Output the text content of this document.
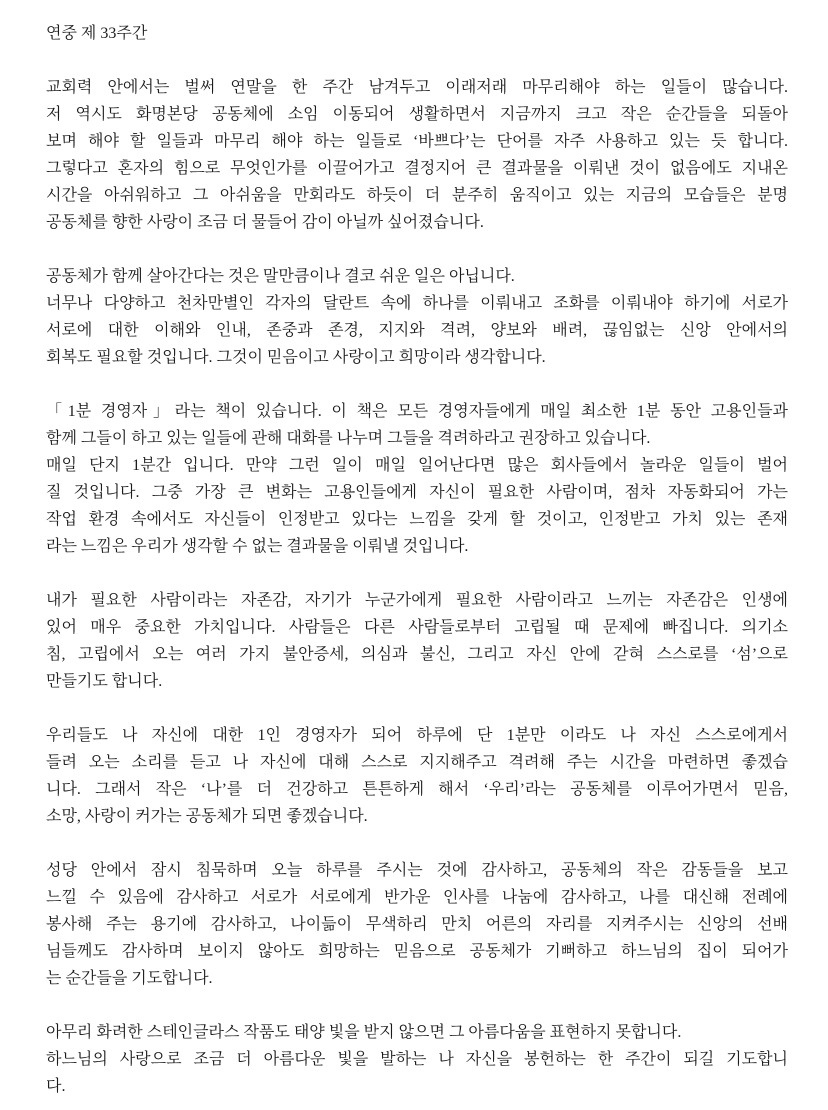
연중 제 33주간
교회력 안에서는 벌써 연말을 한 주간 남겨두고 이래저래 마무리해야 하는 일들이 많습니다.
저 역시도 화명본당 공동체에 소임 이동되어 생활하면서 지금까지 크고 작은 순간들을 되돌아
보며 해야 할 일들과 마무리 해야 하는 일들로 ‘바쁘다’는 단어를 자주 사용하고 있는 듯 합니다.
그렇다고 혼자의 힘으로 무엇인가를 이끌어가고 결정지어 큰 결과물을 이뤄낸 것이 없음에도 지내온
시간을 아쉬워하고 그 아쉬움을 만회라도 하듯이 더 분주히 움직이고 있는 지금의 모습들은 분명
공동체를 향한 사랑이 조금 더 물들어 감이 아닐까 싶어졌습니다.
공동체가 함께 살아간다는 것은 말만큼이나 결코 쉬운 일은 아닙니다.
너무나 다양하고 천차만별인 각자의 달란트 속에 하나를 이뤄내고 조화를 이뤄내야 하기에 서로가
서로에 대한 이해와 인내, 존중과 존경, 지지와 격려, 양보와 배려, 끊임없는 신앙 안에서의
회복도 필요할 것입니다. 그것이 믿음이고 사랑이고 희망이라 생각합니다.
「1분 경영자」라는 책이 있습니다. 이 책은 모든 경영자들에게 매일 최소한 1분 동안 고용인들과
함께 그들이 하고 있는 일들에 관해 대화를 나누며 그들을 격려하라고 권장하고 있습니다.
매일 단지 1분간 입니다. 만약 그런 일이 매일 일어난다면 많은 회사들에서 놀라운 일들이 벌어
질 것입니다. 그중 가장 큰 변화는 고용인들에게 자신이 필요한 사람이며, 점차 자동화되어 가는
작업 환경 속에서도 자신들이 인정받고 있다는 느낌을 갖게 할 것이고, 인정받고 가치 있는 존재
라는 느낌은 우리가 생각할 수 없는 결과물을 이뤄낼 것입니다.
내가 필요한 사람이라는 자존감, 자기가 누군가에게 필요한 사람이라고 느끼는 자존감은 인생에
있어 매우 중요한 가치입니다. 사람들은 다른 사람들로부터 고립될 때 문제에 빠집니다. 의기소
침, 고립에서 오는 여러 가지 불안증세, 의심과 불신, 그리고 자신 안에 갇혀 스스로를 ‘섬’으로
만들기도 합니다.
우리들도 나 자신에 대한 1인 경영자가 되어 하루에 단 1분만 이라도 나 자신 스스로에게서
들려 오는 소리를 듣고 나 자신에 대해 스스로 지지해주고 격려해 주는 시간을 마련하면 좋겠습
니다. 그래서 작은 ‘나’를 더 건강하고 튼튼하게 해서 ‘우리’라는 공동체를 이루어가면서 믿음,
소망, 사랑이 커가는 공동체가 되면 좋겠습니다.
성당 안에서 잠시 침묵하며 오늘 하루를 주시는 것에 감사하고, 공동체의 작은 감동들을 보고
느낄 수 있음에 감사하고 서로가 서로에게 반가운 인사를 나눔에 감사하고, 나를 대신해 전례에
봉사해 주는 용기에 감사하고, 나이듦이 무색하리 만치 어른의 자리를 지켜주시는 신앙의 선배
님들께도 감사하며 보이지 않아도 희망하는 믿음으로 공동체가 기뻐하고 하느님의 집이 되어가
는 순간들을 기도합니다.
아무리 화려한 스테인글라스 작품도 태양 빛을 받지 않으면 그 아름다움을 표현하지 못합니다.
하느님의 사랑으로 조금 더 아름다운 빛을 발하는 나 자신을 봉헌하는 한 주간이 되길 기도합니
다.
